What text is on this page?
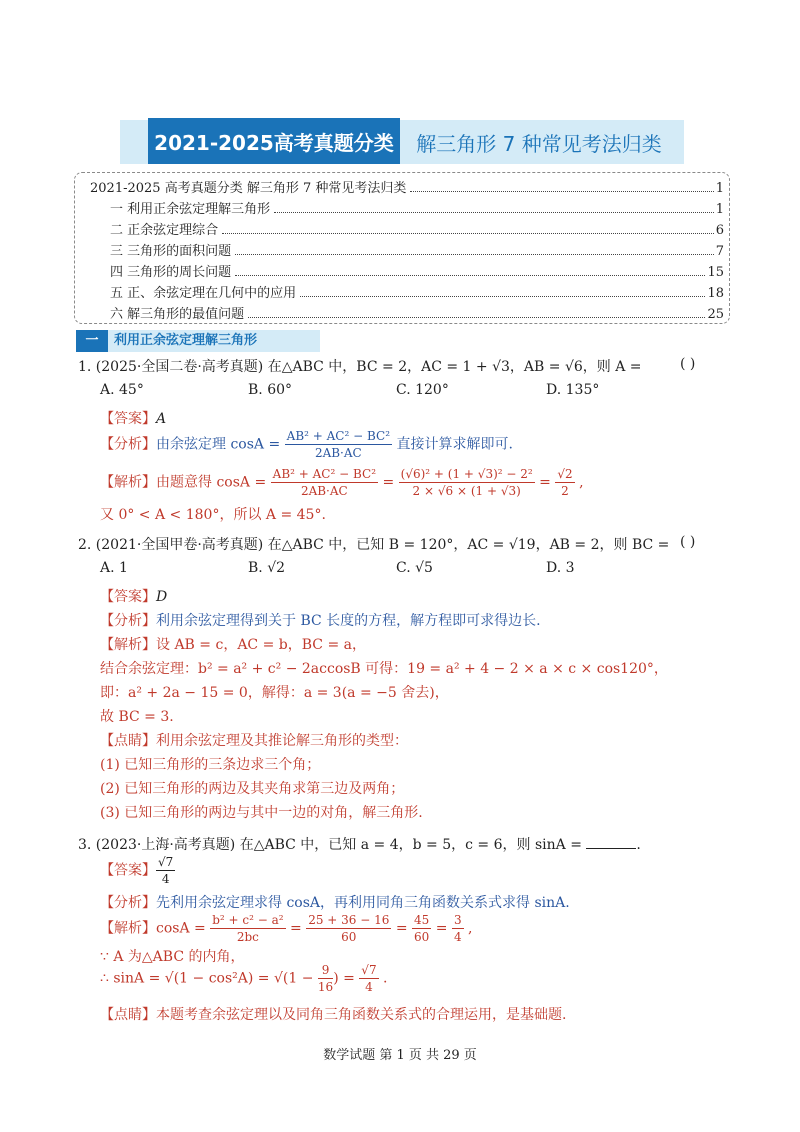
2021-2025高考真题分类	解三角形 7 种常见考法归类
2021-2025 高考真题分类 解三角形 7 种常见考法归类	1
一 利用正余弦定理解三角形	1
二 正余弦定理综合	6
三 三角形的面积问题	7
四 三角形的周长问题	15
五 正、余弦定理在几何中的应用	18
六 解三角形的最值问题	25
一	利用正余弦定理解三角形
1. (2025·全国二卷·高考真题) 在△ABC 中，BC = 2，AC = 1 + √3，AB = √6，则 A =	( )
A. 45°	B. 60°	C. 120°	D. 135°
【答案】A
【分析】由余弦定理 $\cos A = \frac{\text{AB² + AC² − BC²}}{2AB\cdot AC}$ 直接计算求解即可.
【解析】由题意得 $\cos A = \frac{\text{AB² + AC² − BC²}}{2AB\cdot AC} = \frac{\text{(√6)² + (1 + √3)² − 2²}}{2 \times √6 \times (1 + √3)} = \frac{√2}{2}$ ,
又 0° < A < 180°，所以 A = 45°.
2. (2021·全国甲卷·高考真题) 在△ABC 中，已知 B = 120°，AC = √19，AB = 2，则 BC = ( )
A. 1	B. √2	C. √5	D. 3
【答案】D
【分析】利用余弦定理得到关于 BC 长度的方程，解方程即可求得边长.
【解析】设 AB = c，AC = b，BC = a，
结合余弦定理：b² = a² + c² − 2accosB 可得：19 = a² + 4 − 2 × a × c × cos120°，
即：a² + 2a − 15 = 0，解得：a = 3(a = −5 舍去)，
故 BC = 3.
【点睛】利用余弦定理及其推论解三角形的类型：
(1) 已知三角形的三条边求三个角；
(2) 已知三角形的两边及其夹角求第三边及两角；
(3) 已知三角形的两边与其中一边的对角，解三角形.
3. (2023·上海·高考真题) 在△ABC 中，已知 a = 4，b = 5，c = 6，则 sinA =	.
【答案】 $\frac{√7}{4}$
【分析】先利用余弦定理求得 cosA，再利用同角三角函数关系式求得 sinA.
【解析】$\cos A = \frac{\text{b² + c² − a²}}{2bc} = \frac{25 + 36 - 16}{60} = \frac{45}{60} = \frac{3}{4}$ ,
∵ A 为△ABC 的内角，
∴ $\sin A = √(1 - \cos^2A) = √(1 - \frac{9}{16}$ ) = $\frac{√7}{4}$ .
【点睛】本题考查余弦定理以及同角三角函数关系式的合理运用，是基础题.
数学试题 第 1 页 共 29 页
